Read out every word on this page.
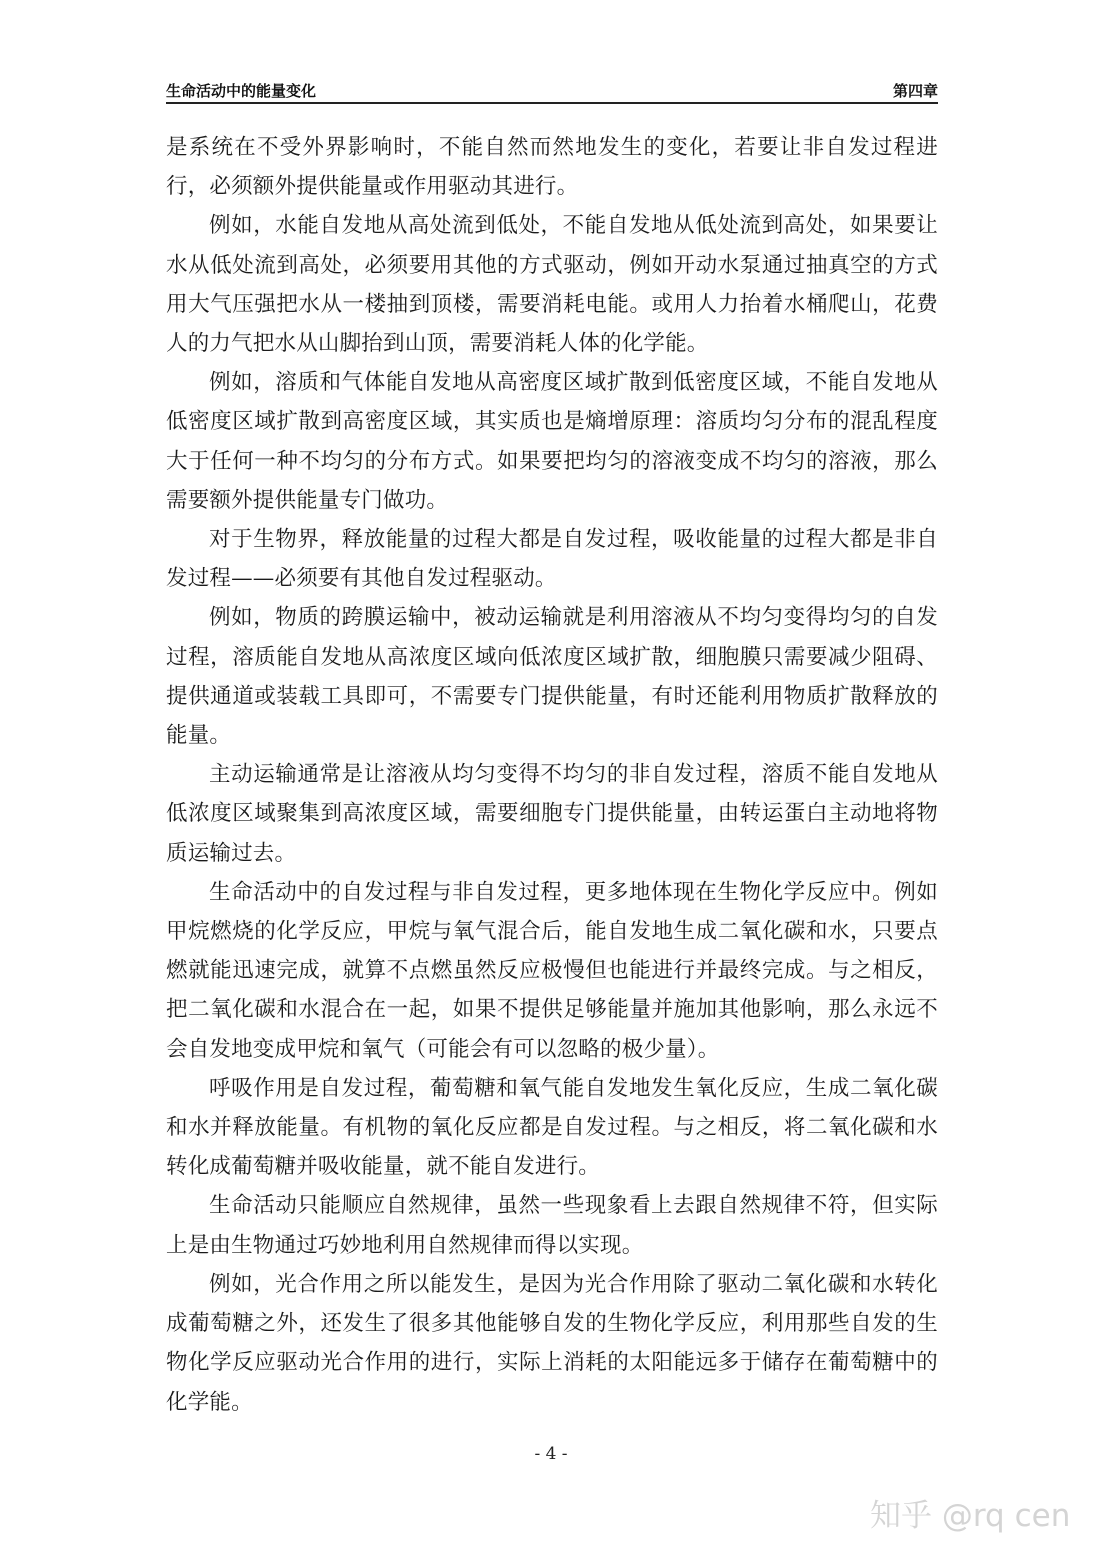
生命活动中的能量变化	第四章

是系统在不受外界影响时，不能自然而然地发生的变化，若要让非自发过程进行，必须额外提供能量或作用驱动其进行。

例如，水能自发地从高处流到低处，不能自发地从低处流到高处，如果要让水从低处流到高处，必须要用其他的方式驱动，例如开动水泵通过抽真空的方式用大气压强把水从一楼抽到顶楼，需要消耗电能。或用人力抬着水桶爬山，花费人的力气把水从山脚抬到山顶，需要消耗人体的化学能。

例如，溶质和气体能自发地从高密度区域扩散到低密度区域，不能自发地从低密度区域扩散到高密度区域，其实质也是熵增原理：溶质均匀分布的混乱程度大于任何一种不均匀的分布方式。如果要把均匀的溶液变成不均匀的溶液，那么需要额外提供能量专门做功。

对于生物界，释放能量的过程大都是自发过程，吸收能量的过程大都是非自发过程——必须要有其他自发过程驱动。

例如，物质的跨膜运输中，被动运输就是利用溶液从不均匀变得均匀的自发过程，溶质能自发地从高浓度区域向低浓度区域扩散，细胞膜只需要减少阻碍、提供通道或装载工具即可，不需要专门提供能量，有时还能利用物质扩散释放的能量。

主动运输通常是让溶液从均匀变得不均匀的非自发过程，溶质不能自发地从低浓度区域聚集到高浓度区域，需要细胞专门提供能量，由转运蛋白主动地将物质运输过去。

生命活动中的自发过程与非自发过程，更多地体现在生物化学反应中。例如甲烷燃烧的化学反应，甲烷与氧气混合后，能自发地生成二氧化碳和水，只要点燃就能迅速完成，就算不点燃虽然反应极慢但也能进行并最终完成。与之相反，把二氧化碳和水混合在一起，如果不提供足够能量并施加其他影响，那么永远不会自发地变成甲烷和氧气（可能会有可以忽略的极少量）。

呼吸作用是自发过程，葡萄糖和氧气能自发地发生氧化反应，生成二氧化碳和水并释放能量。有机物的氧化反应都是自发过程。与之相反，将二氧化碳和水转化成葡萄糖并吸收能量，就不能自发进行。

生命活动只能顺应自然规律，虽然一些现象看上去跟自然规律不符，但实际上是由生物通过巧妙地利用自然规律而得以实现。

例如，光合作用之所以能发生，是因为光合作用除了驱动二氧化碳和水转化成葡萄糖之外，还发生了很多其他能够自发的生物化学反应，利用那些自发的生物化学反应驱动光合作用的进行，实际上消耗的太阳能远多于储存在葡萄糖中的化学能。

- 4 -
知乎 @rq cen
